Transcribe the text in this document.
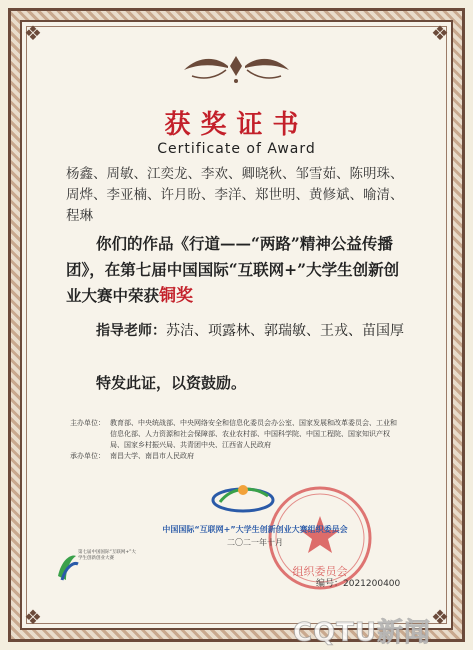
❖	❖
❖	❖
获奖证书
Certificate of Award
杨鑫、周敏、江奕龙、李欢、卿晓秋、邹雪茹、陈明珠、周烨、李亚楠、许月盼、李洋、郑世明、黄修斌、喻清、程琳
你们的作品《行道——“两路”精神公益传播团》，在第七届中国国际“互联网+”大学生创新创业大赛中荣获铜奖
指导老师：苏洁、项露林、郭瑞敏、王戎、苗国厚
特发此证，以资鼓励。
主办单位： 教育部、中央统战部、中央网络安全和信息化委员会办公室、国家发展和改革委员会、工业和信息化部、人力资源和社会保障部、农业农村部、中国科学院、中国工程院、国家知识产权局、国家乡村振兴局、共青团中央、江西省人民政府
承办单位： 南昌大学、南昌市人民政府
组织委员会
中国国际“互联网+”大学生创新创业大赛组织委员会
二〇二一年十月
第七届中国国际“互联网+”大学生创新创业大赛
编号：2021200400
CQTU新闻
